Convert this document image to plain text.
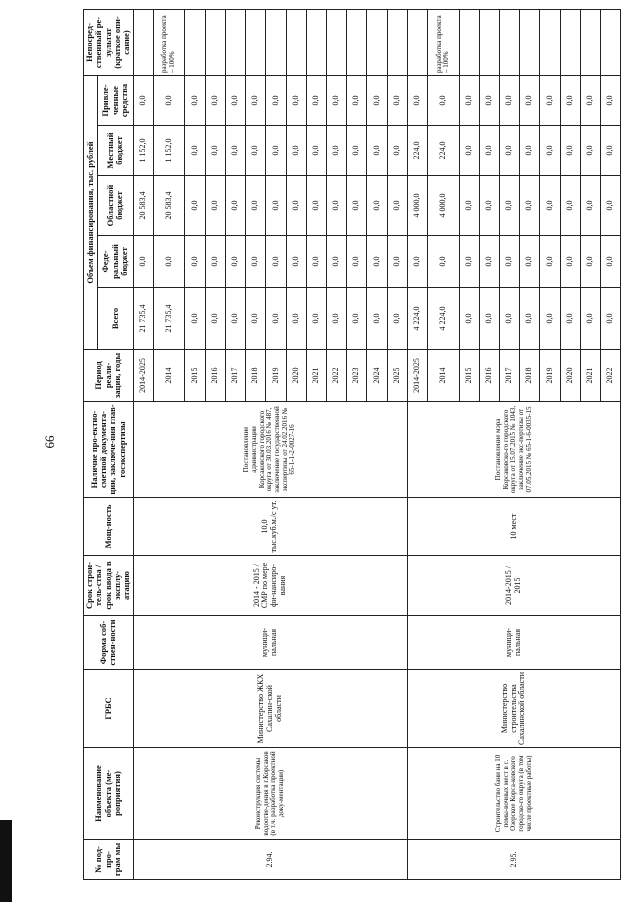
66
№ под-про-грам мы	Наименование объекта (ме-роприятия)	ГРБС	Форма соб-ствен-ности	Срок строи-тель-ства / срок ввода в эксплу-атацию	Мощ-ность	Наличие про-ектно-сметной документа-ции, заключе-ния глав-госэкспертизы	Период реали-зации, годы	Объем финансирования, тыс. рублей					Непосред-ственный ре-зультат (краткое опи-сание)
								Всего	Феде-ральный бюджет	Областной бюджет	Местный бюджет	Привле-ченные средства	
2.94.	Реконструкция системы водоотве-дения в г.Корсаков (в т.ч. разработка проектной доку-ментации)	Министерство ЖКХ Сахалин-ской области	муници-пальная	2014 - 2015 / СМР по мере фи-нансиро-вания	10,0 тыс.куб.м./с ут.	Постановление администрации Корсаковского городского округа от 30.03.2016 № 487, заключение государственной экспертизы от 24.02.2016 № 65-1-1-2-0027-16	2014-2025	21 735,4	0,0	20 583,4	1 152,0	0,0	
							2014	21 735,4	0,0	20 583,4	1 152,0	0,0	разработка проекта – 100%
							2015	0,0	0,0	0,0	0,0	0,0	
							2016	0,0	0,0	0,0	0,0	0,0	
							2017	0,0	0,0	0,0	0,0	0,0	
							2018	0,0	0,0	0,0	0,0	0,0	
							2019	0,0	0,0	0,0	0,0	0,0	
							2020	0,0	0,0	0,0	0,0	0,0	
							2021	0,0	0,0	0,0	0,0	0,0	
							2022	0,0	0,0	0,0	0,0	0,0	
							2023	0,0	0,0	0,0	0,0	0,0	
							2024	0,0	0,0	0,0	0,0	0,0	
							2025	0,0	0,0	0,0	0,0	0,0	
2.95.	Строительство бани на 10 помы-вочных мест в с. Озерское Корса-ковского городско-го округа (в том числе проектные работы)	Министерство строительства Сахалинской области	муници-пальная	2014-2015 / 2015	10 мест	Постановление мэра Корсаковско-го городского округа от 15.07.2015 № 1043, заключение экс-пертизы от 07.05.2015 № 65-1-6-0035-15	2014-2025	4 224,0	0,0	4 000,0	224,0	0,0	
							2014	4 224,0	0,0	4 000,0	224,0	0,0	разработка проекта – 100%
							2015	0,0	0,0	0,0	0,0	0,0	
							2016	0,0	0,0	0,0	0,0	0,0	
							2017	0,0	0,0	0,0	0,0	0,0	
							2018	0,0	0,0	0,0	0,0	0,0	
							2019	0,0	0,0	0,0	0,0	0,0	
							2020	0,0	0,0	0,0	0,0	0,0	
							2021	0,0	0,0	0,0	0,0	0,0	
							2022	0,0	0,0	0,0	0,0	0,0	
